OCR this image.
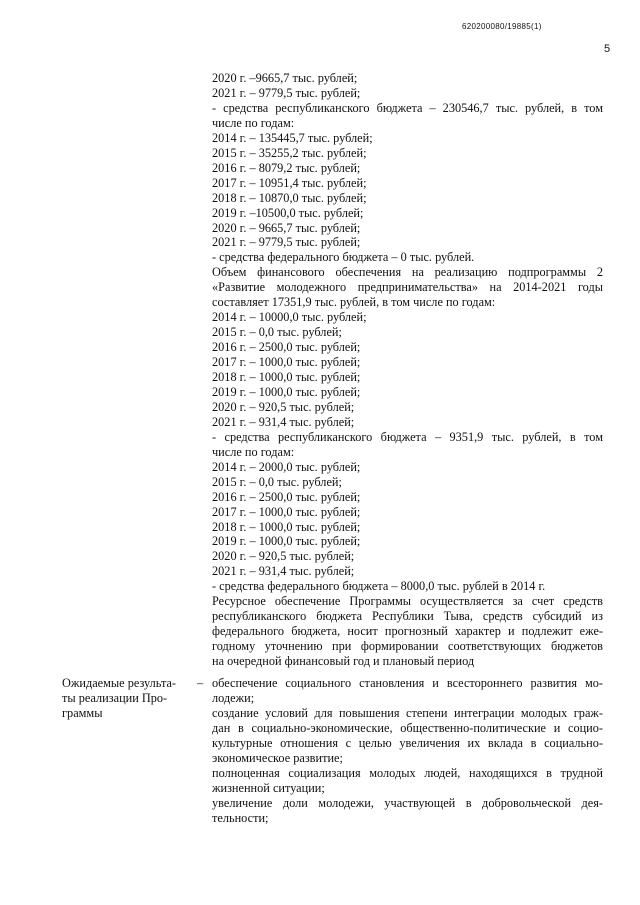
620200080/19885(1)
5
2020 г. –9665,7 тыс. рублей;
2021 г. – 9779,5 тыс. рублей;
- средства республиканского бюджета – 230546,7 тыс. рублей, в том
числе по годам:
2014 г. – 135445,7 тыс. рублей;
2015 г. – 35255,2 тыс. рублей;
2016 г. – 8079,2 тыс. рублей;
2017 г. – 10951,4 тыс. рублей;
2018 г. – 10870,0 тыс. рублей;
2019 г. –10500,0 тыс. рублей;
2020 г. – 9665,7 тыс. рублей;
2021 г. – 9779,5 тыс. рублей;
- средства федерального бюджета – 0 тыс. рублей.
Объем финансового обеспечения на реализацию подпрограммы 2
«Развитие молодежного предпринимательства» на 2014-2021 годы
составляет 17351,9 тыс. рублей, в том числе по годам:
2014 г. – 10000,0 тыс. рублей;
2015 г. – 0,0 тыс. рублей;
2016 г. – 2500,0 тыс. рублей;
2017 г. – 1000,0 тыс. рублей;
2018 г. – 1000,0 тыс. рублей;
2019 г. – 1000,0 тыс. рублей;
2020 г. – 920,5 тыс. рублей;
2021 г. – 931,4 тыс. рублей;
- средства республиканского бюджета – 9351,9 тыс. рублей, в том
числе по годам:
2014 г. – 2000,0 тыс. рублей;
2015 г. – 0,0 тыс. рублей;
2016 г. – 2500,0 тыс. рублей;
2017 г. – 1000,0 тыс. рублей;
2018 г. – 1000,0 тыс. рублей;
2019 г. – 1000,0 тыс. рублей;
2020 г. – 920,5 тыс. рублей;
2021 г. – 931,4 тыс. рублей;
- средства федерального бюджета – 8000,0 тыс. рублей в 2014 г.
Ресурсное обеспечение Программы осуществляется за счет средств
республиканского бюджета Республики Тыва, средств субсидий из
федерального бюджета, носит прогнозный характер и подлежит еже-
годному уточнению при формировании соответствующих бюджетов
на очередной финансовый год и плановый период
Ожидаемые результа-
ты реализации Про-
граммы
– обеспечение социального становления и всестороннего развития мо-
лодежи;
создание условий для повышения степени интеграции молодых граж-
дан в социально-экономические, общественно-политические и социо-
культурные отношения с целью увеличения их вклада в социально-
экономическое развитие;
полноценная социализация молодых людей, находящихся в трудной
жизненной ситуации;
увеличение доли молодежи, участвующей в добровольческой дея-
тельности;
